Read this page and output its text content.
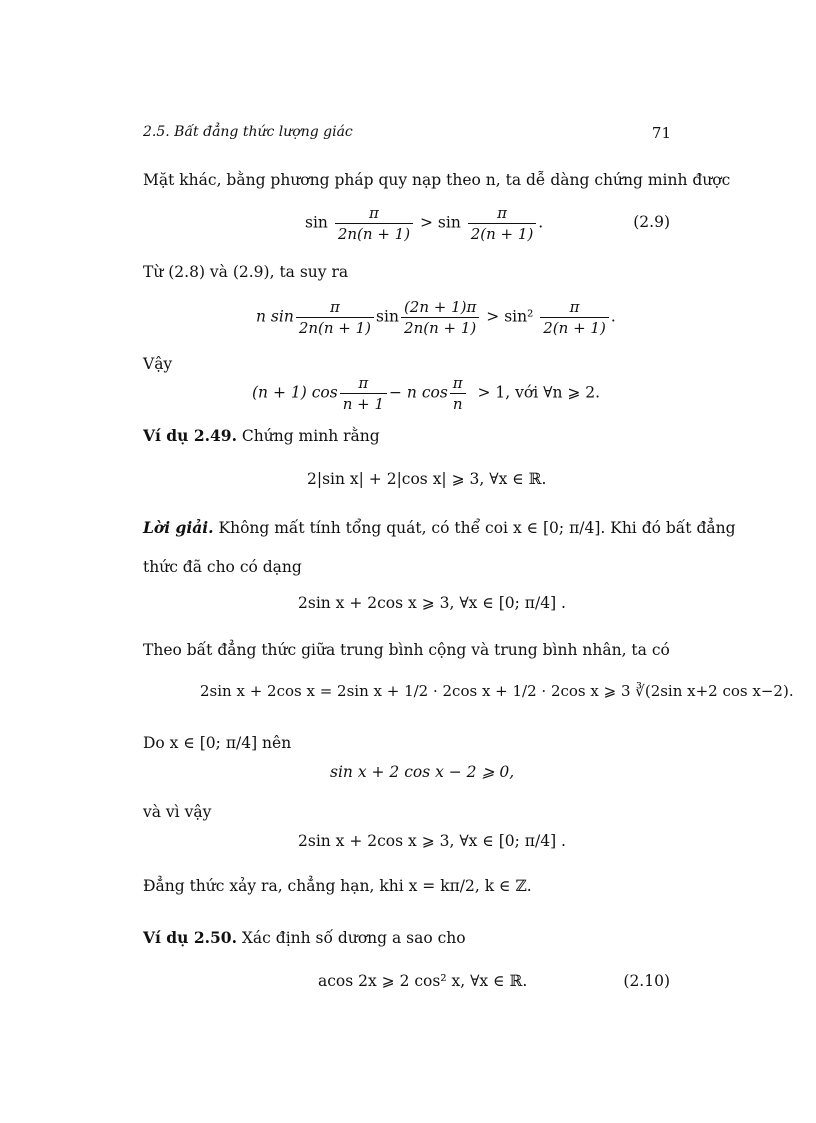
2.5. Bất đẳng thức lượng giác	71
Mặt khác, bằng phương pháp quy nạp theo n, ta dễ dàng chứng minh được
$\sin \frac{\pi}{2n(n + 1)} > \sin \frac{\pi}{2(n + 1)}$ .	(2.9)
Từ (2.8) và (2.9), ta suy ra
n $\sin \frac{\pi}{2n(n + 1)}$ $\sin \frac{(2n + 1)\pi}{2n(n + 1)} > \sin^2 \frac{\pi}{2(n + 1)}$ .
Vậy
(n + 1) $\cos \frac{\pi}{n + 1} - n$ $\cos \frac{\pi}{n} > 1$, với ∀n ⩾ 2.
Ví dụ 2.49. Chứng minh rằng
2|sin x| + 2|cos x| ⩾ 3, ∀x ∈ ℝ.
Lời giải. Không mất tính tổng quát, có thể coi x ∈ [0; π/4]. Khi đó bất đẳng
thức đã cho có dạng
2sin x + 2cos x ⩾ 3, ∀x ∈ [0; π/4] .
Theo bất đẳng thức giữa trung bình cộng và trung bình nhân, ta có
2sin x + 2cos x = 2sin x + 1/2 · 2cos x + 1/2 · 2cos x ⩾ 3 ∛(2sin x+2 cos x−2).
Do x ∈ [0; π/4] nên
sin x + 2 cos x − 2 ⩾ 0,
và vì vậy
2sin x + 2cos x ⩾ 3, ∀x ∈ [0; π/4] .
Đẳng thức xảy ra, chẳng hạn, khi x = kπ/2, k ∈ ℤ.
Ví dụ 2.50. Xác định số dương a sao cho
acos 2x ⩾ 2 cos² x, ∀x ∈ ℝ.	(2.10)
